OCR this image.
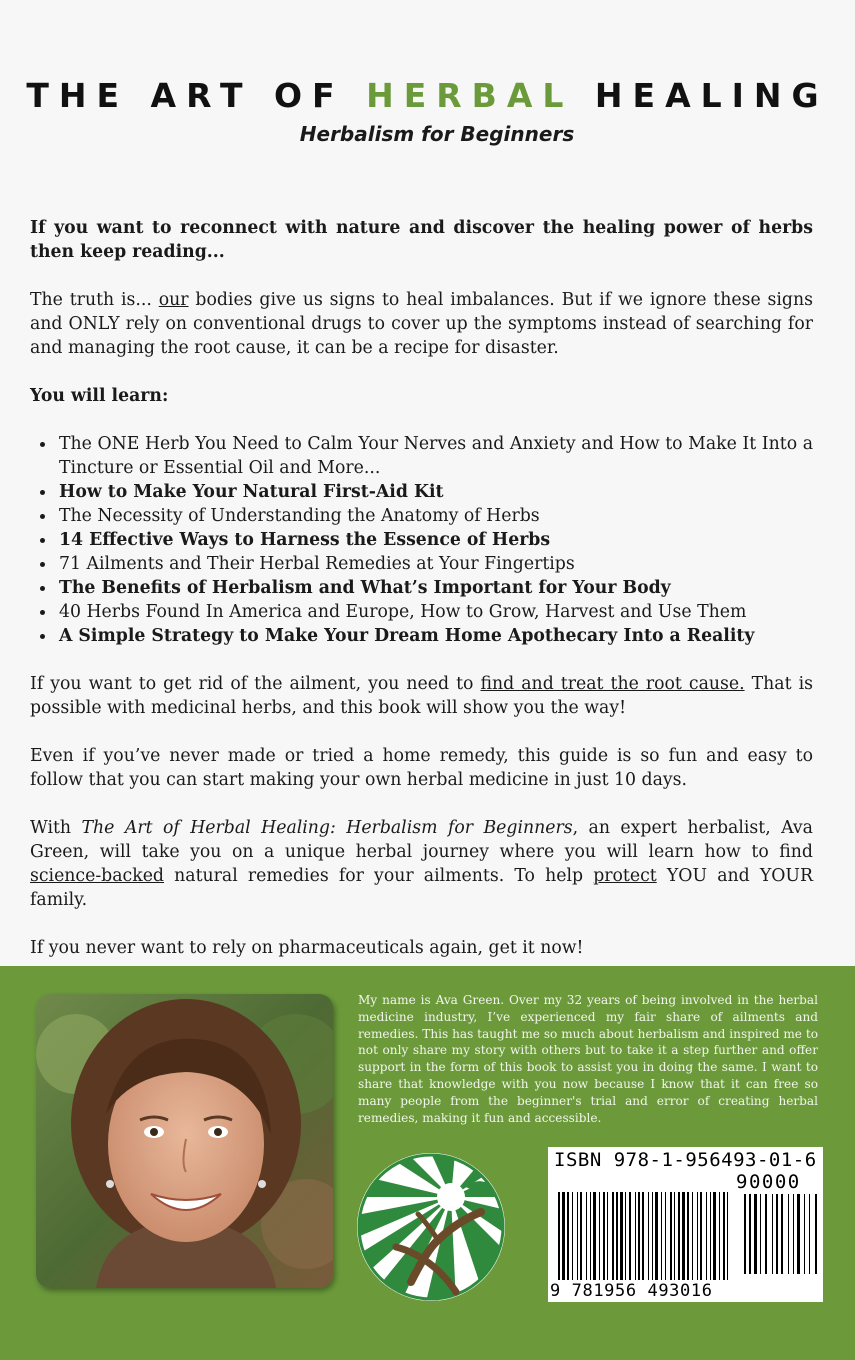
THE ART OF HERBAL HEALING
Herbalism for Beginners

If you want to reconnect with nature and discover the healing power of herbs then keep reading...

The truth is... our bodies give us signs to heal imbalances. But if we ignore these signs and ONLY rely on conventional drugs to cover up the symptoms instead of searching for and managing the root cause, it can be a recipe for disaster.

You will learn:

The ONE Herb You Need to Calm Your Nerves and Anxiety and How to Make It Into a Tincture or Essential Oil and More...
How to Make Your Natural First-Aid Kit
The Necessity of Understanding the Anatomy of Herbs
14 Effective Ways to Harness the Essence of Herbs
71 Ailments and Their Herbal Remedies at Your Fingertips
The Benefits of Herbalism and What’s Important for Your Body
40 Herbs Found In America and Europe, How to Grow, Harvest and Use Them
A Simple Strategy to Make Your Dream Home Apothecary Into a Reality

If you want to get rid of the ailment, you need to find and treat the root cause. That is possible with medicinal herbs, and this book will show you the way!

Even if you’ve never made or tried a home remedy, this guide is so fun and easy to follow that you can start making your own herbal medicine in just 10 days.

With The Art of Herbal Healing: Herbalism for Beginners, an expert herbalist, Ava Green, will take you on a unique herbal journey where you will learn how to find science-backed natural remedies for your ailments. To help protect YOU and YOUR family.

If you never want to rely on pharmaceuticals again, get it now!

My name is Ava Green. Over my 32 years of being involved in the herbal medicine industry, I’ve experienced my fair share of ailments and remedies. This has taught me so much about herbalism and inspired me to not only share my story with others but to take it a step further and offer support in the form of this book to assist you in doing the same. I want to share that knowledge with you now because I know that it can free so many people from the beginner's trial and error of creating herbal remedies, making it fun and accessible.
ISBN 978-1-956493-01-6
90000
9 781956 493016
